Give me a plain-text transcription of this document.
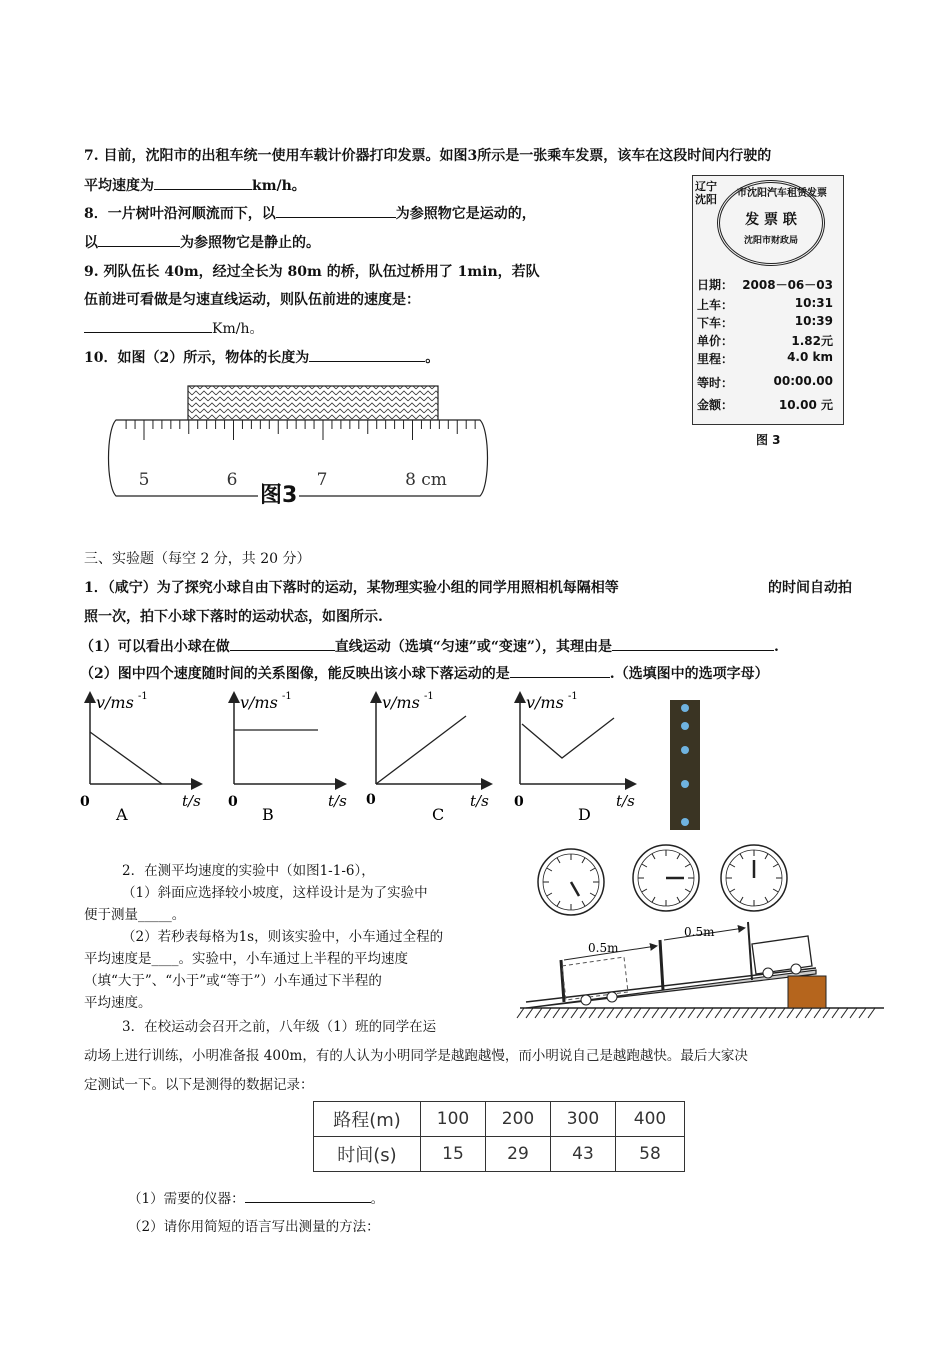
7. 目前，沈阳市的出租车统一使用车载计价器打印发票。如图3所示是一张乘车发票，该车在这段时间内行驶的
平均速度为	km/h。
8．一片树叶沿河顺流而下，以	为参照物它是运动的，
以	为参照物它是静止的。
9. 列队伍长 40m，经过全长为 80m 的桥，队伍过桥用了 1min，若队
伍前进可看做是匀速直线运动，则队伍前进的速度是：
Km/h。
10．如图（2）所示，物体的长度为	。
5	6	7	8 cm
图3
辽宁
沈阳 市沈阳汽车租赁发票
发 票 联
沈阳市财政局
日期： 2008－06－03
上车：	10:31
下车：	10:39
单价：	1.82元
里程：	4.0 km
等时：	00:00.00
金额：	10.00 元
图 3
三、实验题（每空 2 分，共 20 分）
1．（咸宁）为了探究小球自由下落时的运动，某物理实验小组的同学用照相机每隔相等	的时间自动拍
照一次，拍下小球下落时的运动状态，如图所示.
（1）可以看出小球在做	直线运动（选填“匀速”或“变速”），其理由是	.
（2）图中四个速度随时间的关系图像，能反映出该小球下落运动的是	.（选填图中的选项字母）
v/ms -1
0	t/s
A
v/ms -1
0	t/s
B
v/ms -1
0	t/s
C
v/ms -1
0	t/s
D
2．在测平均速度的实验中（如图1-1-6），
（1）斜面应选择较小坡度，这样设计是为了实验中
便于测量_____。
（2）若秒表每格为1s，则该实验中，小车通过全程的
平均速度是____。实验中，小车通过上半程的平均速度
（填“大于”、“小于”或“等于”）小车通过下半程的
平均速度。
0.5m
0.5m
3．在校运动会召开之前，八年级（1）班的同学在运
动场上进行训练，小明准备报 400m，有的人认为小明同学是越跑越慢，而小明说自己是越跑越快。最后大家决
定测试一下。以下是测得的数据记录：
路程(m)	100	200	300	400
时间(s)	15	29	43	58
（1）需要的仪器：	。
（2）请你用简短的语言写出测量的方法：
